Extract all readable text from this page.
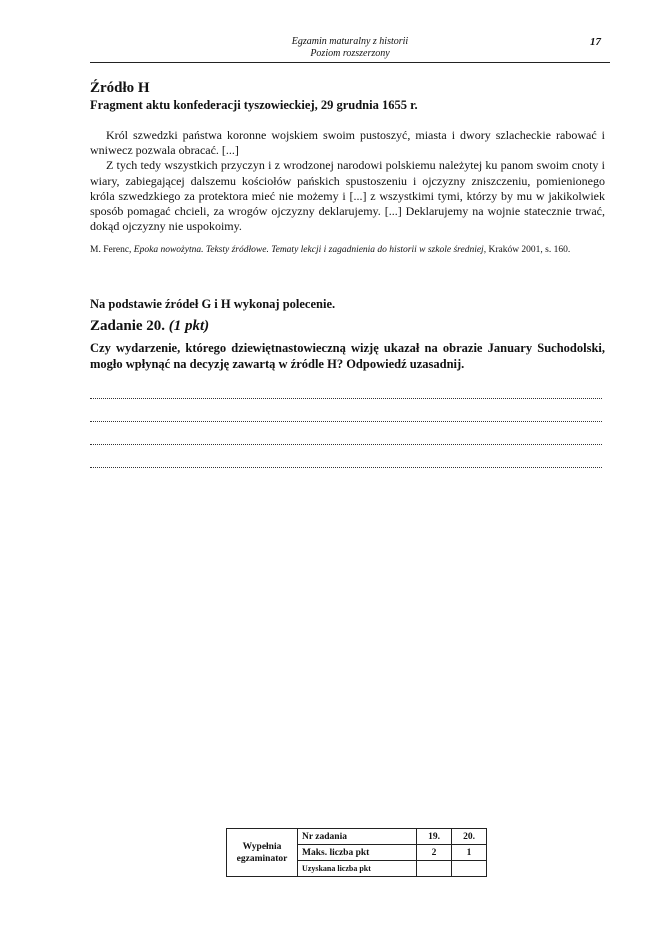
Egzamin maturalny z historii
Poziom rozszerzony
17
Źródło H
Fragment aktu konfederacji tyszowieckiej, 29 grudnia 1655 r.

Król szwedzki państwa koronne wojskiem swoim pustoszyć, miasta i dwory szlacheckie rabować i wniwecz pozwala obracać. [...]

Z tych tedy wszystkich przyczyn i z wrodzonej narodowi polskiemu należytej ku panom swoim cnoty i wiary, zabiegającej dalszemu kościołów pańskich spustoszeniu i ojczyzny zniszczeniu, pomienionego króla szwedzkiego za protektora mieć nie możemy i [...] z wszystkimi tymi, którzy by mu w jakikolwiek sposób pomagać chcieli, za wrogów ojczyzny deklarujemy. [...] Deklarujemy na wojnie statecznie trwać, dokąd ojczyzny nie uspokoimy.

M. Ferenc, Epoka nowożytna. Teksty źródłowe. Tematy lekcji i zagadnienia do historii w szkole średniej, Kraków 2001, s. 160.
Na podstawie źródeł G i H wykonaj polecenie.
Zadanie 20. (1 pkt)
Czy wydarzenie, którego dziewiętnastowieczną wizję ukazał na obrazie January Suchodolski, mogło wpłynąć na decyzję zawartą w źródle H? Odpowiedź uzasadnij.
Wypełnia egzaminator	Nr zadania	19.	20.
	Maks. liczba pkt	2	1
	Uzyskana liczba pkt		
